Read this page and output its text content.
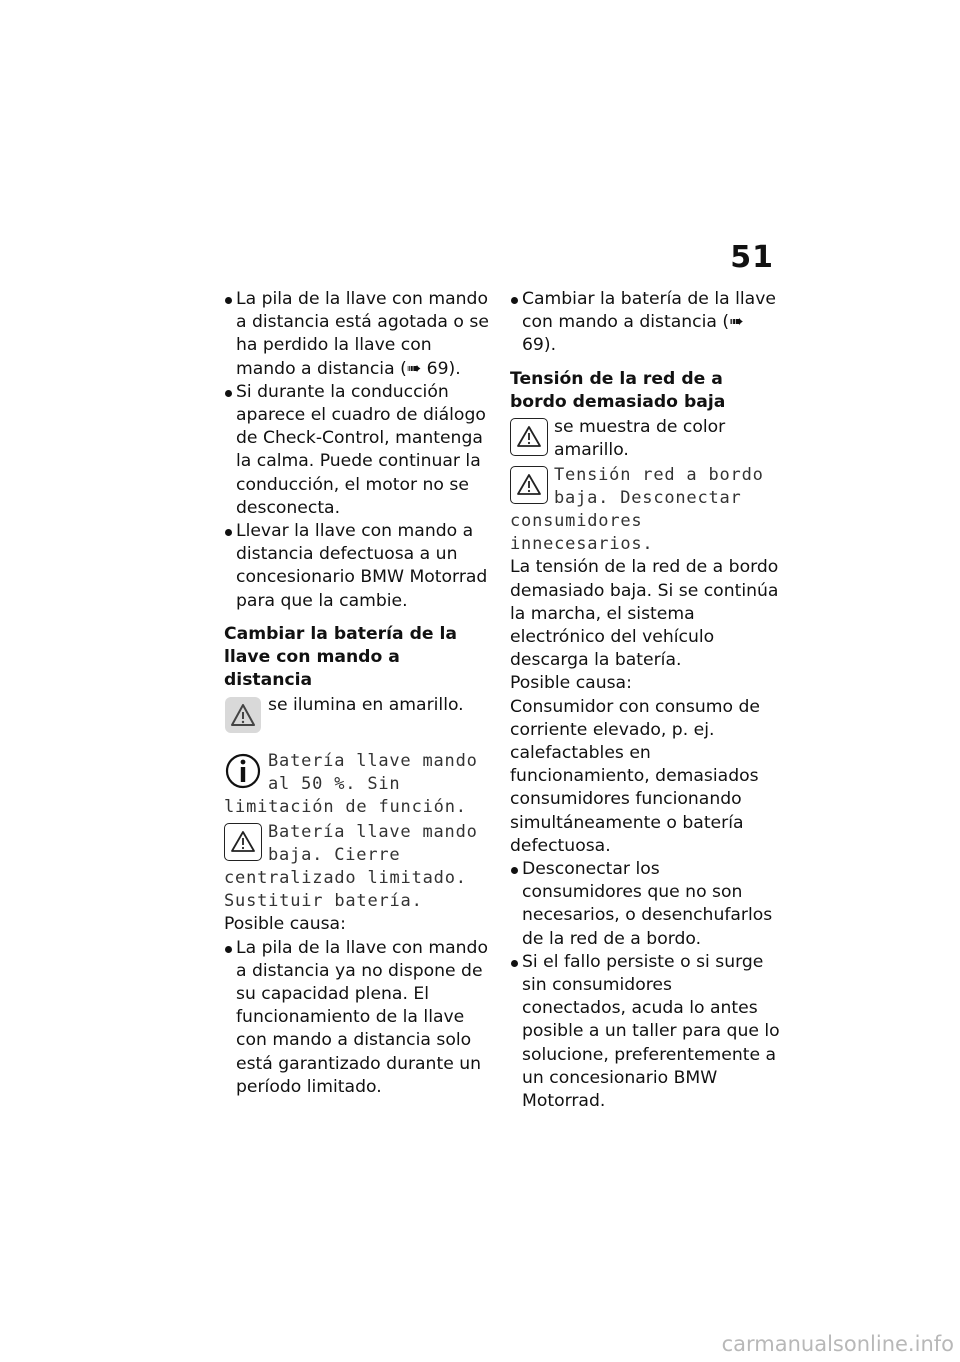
51

La pila de la llave con mando a distancia está agotada o se ha perdido la llave con mando a distancia (➠ 69).

Si durante la conducción aparece el cuadro de diálogo de Check-Control, mantenga la calma. Puede continuar la conducción, el motor no se desconecta.

Llevar la llave con mando a distancia defectuosa a un concesionario BMW Motorrad para que la cambie.

Cambiar la batería de la llave con mando a distancia

se ilumina en amarillo.
Batería llave mando al 50 %. Sin limitación de función.
Batería llave mando baja. Cierre centralizado limitado. Sustituir batería.

Posible causa:

La pila de la llave con mando a distancia ya no dispone de su capacidad plena. El funcionamiento de la llave con mando a distancia solo está garantizado durante un período limitado.

Cambiar la batería de la llave con mando a distancia (➠ 69).

Tensión de la red de a bordo demasiado baja

se muestra de color amarillo.
Tensión red a bordo baja. Desconectar consumidores innecesarios.

La tensión de la red de a bordo demasiado baja. Si se continúa la marcha, el sistema electrónico del vehículo descarga la batería.

Posible causa:

Consumidor con consumo de corriente elevado, p. ej. calefactables en funcionamiento, demasiados consumidores funcionando simultáneamente o batería defectuosa.

Desconectar los consumidores que no son necesarios, o desenchufarlos de la red de a bordo.

Si el fallo persiste o si surge sin consumidores conectados, acuda lo antes posible a un taller para que lo solucione, preferentemente a un concesionario BMW Motorrad.

carmanualsonline.info
